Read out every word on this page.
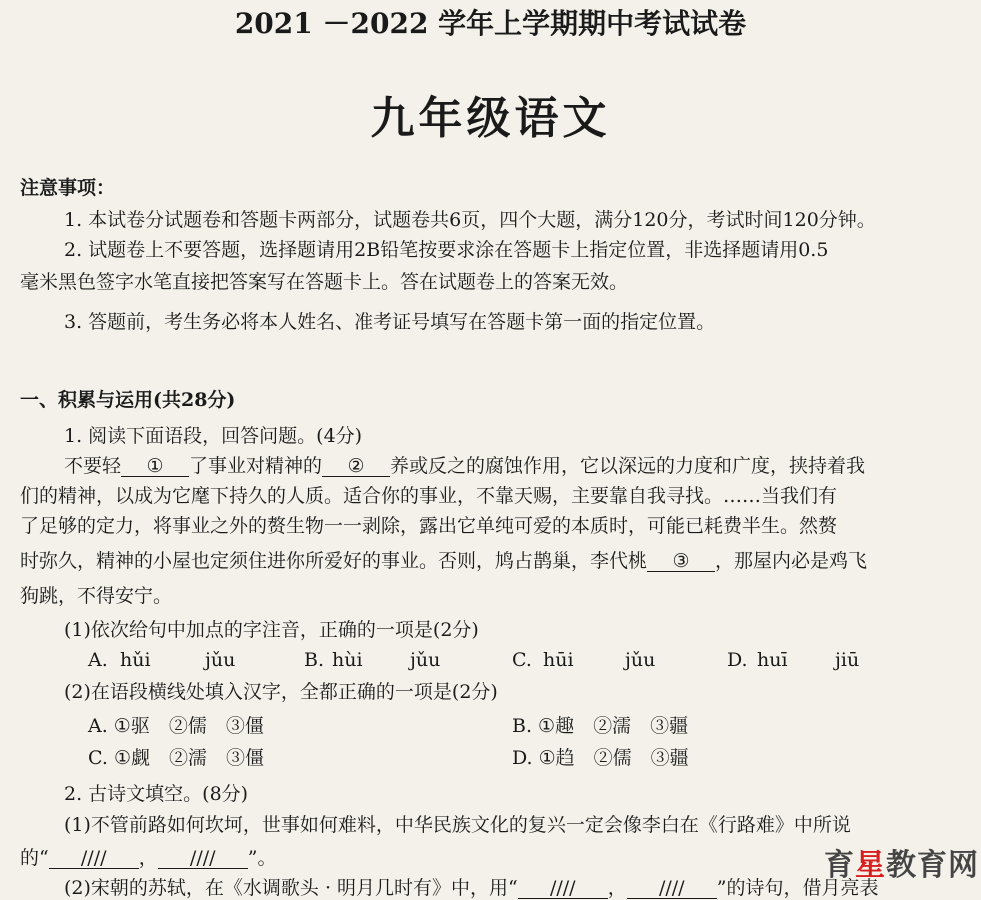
2021 －2022 学年上学期期中考试试卷
九年级语文
注意事项：
1. 本试卷分试题卷和答题卡两部分，试题卷共6页，四个大题，满分120分，考试时间120分钟。
2. 试题卷上不要答题，选择题请用2B铅笔按要求涂在答题卡上指定位置，非选择题请用0.5
毫米黑色签字水笔直接把答案写在答题卡上。答在试题卷上的答案无效。
3. 答题前，考生务必将本人姓名、准考证号填写在答题卡第一面的指定位置。
一、积累与运用(共28分)
1. 阅读下面语段，回答问题。(4分)
不要轻 ① 了事业对精神的 ② 养或反之的腐蚀作用，它以深远的力度和广度，挟持着我
们的精神，以成为它麾下持久的人质。适合你的事业，不靠天赐，主要靠自我寻找。……当我们有
了足够的定力，将事业之外的赘生物一一剥除，露出它单纯可爱的本质时，可能已耗费半生。然赘
时弥久，精神的小屋也定须住进你所爱好的事业。否则，鸠占鹊巢，李代桃 ③ ，那屋内必是鸡飞
狗跳，不得安宁。
(1)依次给句中加点的字注音，正确的一项是(2分)
A. hǔi	jǔu	B. hùi jǔu	C. hūi	jǔu	D. huī jiū
(2)在语段横线处填入汉字，全都正确的一项是(2分)
A. ①驱　②儒　③僵	B. ①趣　②濡　③疆
C. ①觑　②濡　③僵	D. ①趋　②儒　③疆
2. 古诗文填空。(8分)
(1)不管前路如何坎坷，世事如何难料，中华民族文化的复兴一定会像李白在《行路难》中所说
的“ //// ， //// ”。
(2)宋朝的苏轼，在《水调歌头 · 明月几时有》中，用“ //// ， //// ”的诗句，借月亮表
育星教育网
